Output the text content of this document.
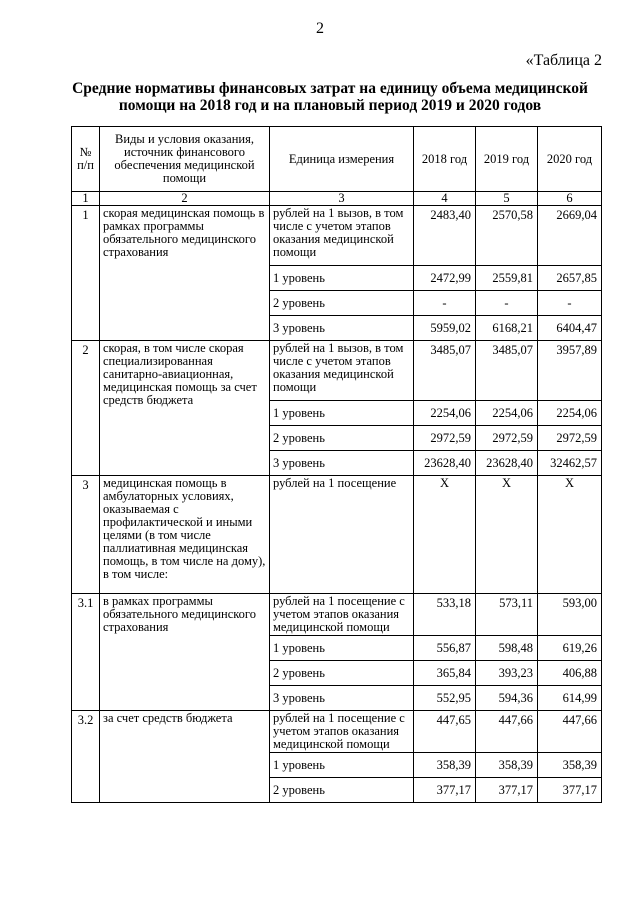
2
«Таблица 2
Средние нормативы финансовых затрат на единицу объема медицинской помощи на 2018 год и на плановый период 2019 и 2020 годов
№ п/п	Виды и условия оказания, источник финансового обеспечения медицинской помощи	Единица измерения	2018 год	2019 год	2020 год
1	2	3	4	5	6
1	скорая медицинская помощь в рамках программы обязательного медицинского страхования	рублей на 1 вызов, в том числе с учетом этапов оказания медицинской помощи	2483,40	2570,58	2669,04
		1 уровень	2472,99	2559,81	2657,85
		2 уровень	-	-	-
		3 уровень	5959,02	6168,21	6404,47
2	скорая, в том числе скорая специализированная санитарно-авиационная, медицинская помощь за счет средств бюджета	рублей на 1 вызов, в том числе с учетом этапов оказания медицинской помощи	3485,07	3485,07	3957,89
		1 уровень	2254,06	2254,06	2254,06
		2 уровень	2972,59	2972,59	2972,59
		3 уровень	23628,40	23628,40	32462,57
3	медицинская помощь в амбулаторных условиях, оказываемая с профилактической и иными целями (в том числе паллиативная медицинская помощь, в том числе на дому), в том числе:	рублей на 1 посещение	X	X	X
3.1	в рамках программы обязательного медицинского страхования	рублей на 1 посещение с учетом этапов оказания медицинской помощи	533,18	573,11	593,00
		1 уровень	556,87	598,48	619,26
		2 уровень	365,84	393,23	406,88
		3 уровень	552,95	594,36	614,99
3.2	за счет средств бюджета	рублей на 1 посещение с учетом этапов оказания медицинской помощи	447,65	447,66	447,66
		1 уровень	358,39	358,39	358,39
		2 уровень	377,17	377,17	377,17
